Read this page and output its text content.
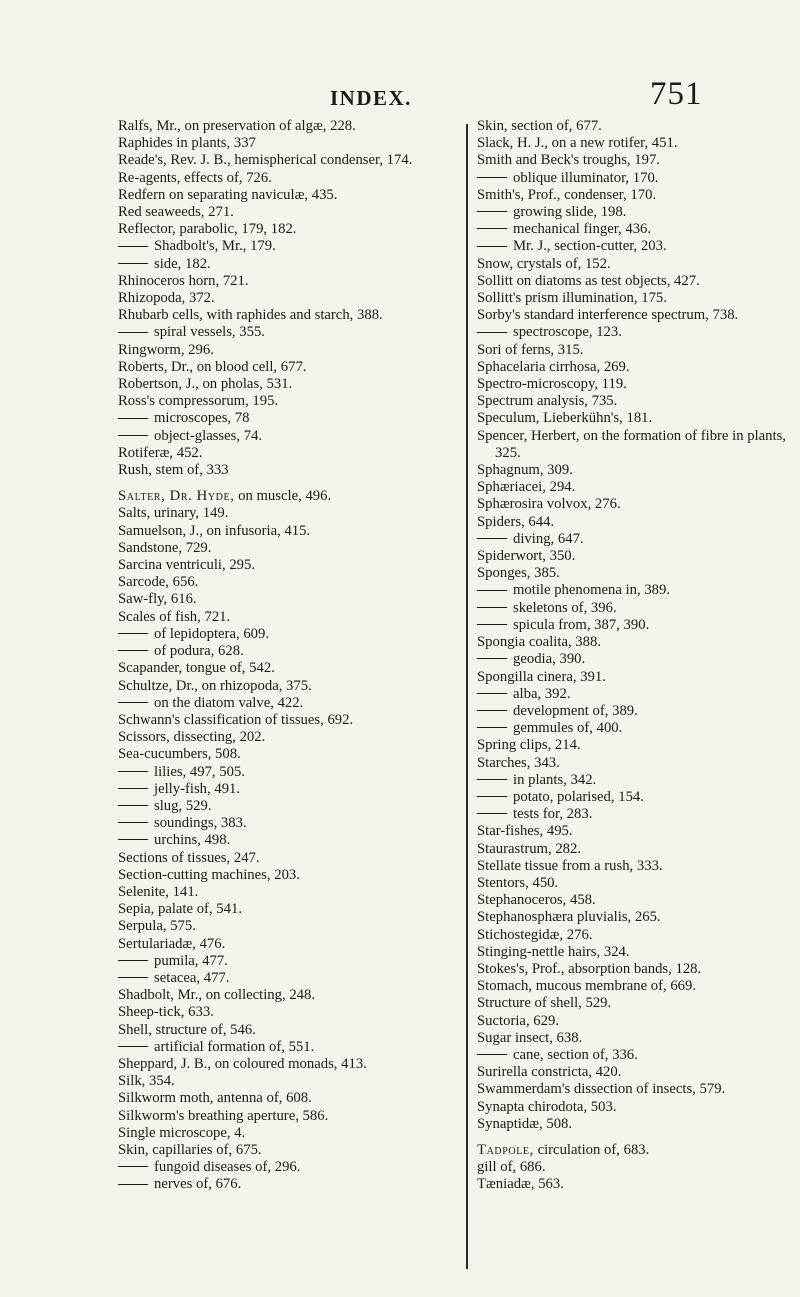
INDEX.	751
Ralfs, Mr., on preservation of algæ, 228.
Raphides in plants, 337
Reade's, Rev. J. B., hemispherical condenser, 174.
Re-agents, effects of, 726.
Redfern on separating naviculæ, 435.
Red seaweeds, 271.
Reflector, parabolic, 179, 182.
Shadbolt's, Mr., 179.
side, 182.
Rhinoceros horn, 721.
Rhizopoda, 372.
Rhubarb cells, with raphides and starch, 388.
spiral vessels, 355.
Ringworm, 296.
Roberts, Dr., on blood cell, 677.
Robertson, J., on pholas, 531.
Ross's compressorum, 195.
microscopes, 78
object-glasses, 74.
Rotiferæ, 452.
Rush, stem of, 333
Salter, Dr. Hyde, on muscle, 496.
Salts, urinary, 149.
Samuelson, J., on infusoria, 415.
Sandstone, 729.
Sarcina ventriculi, 295.
Sarcode, 656.
Saw-fly, 616.
Scales of fish, 721.
of lepidoptera, 609.
of podura, 628.
Scapander, tongue of, 542.
Schultze, Dr., on rhizopoda, 375.
on the diatom valve, 422.
Schwann's classification of tissues, 692.
Scissors, dissecting, 202.
Sea-cucumbers, 508.
lilies, 497, 505.
jelly-fish, 491.
slug, 529.
soundings, 383.
urchins, 498.
Sections of tissues, 247.
Section-cutting machines, 203.
Selenite, 141.
Sepia, palate of, 541.
Serpula, 575.
Sertulariadæ, 476.
pumila, 477.
setacea, 477.
Shadbolt, Mr., on collecting, 248.
Sheep-tick, 633.
Shell, structure of, 546.
artificial formation of, 551.
Sheppard, J. B., on coloured monads, 413.
Silk, 354.
Silkworm moth, antenna of, 608.
Silkworm's breathing aperture, 586.
Single microscope, 4.
Skin, capillaries of, 675.
fungoid diseases of, 296.
nerves of, 676.
Skin, section of, 677.
Slack, H. J., on a new rotifer, 451.
Smith and Beck's troughs, 197.
oblique illuminator, 170.
Smith's, Prof., condenser, 170.
growing slide, 198.
mechanical finger, 436.
Mr. J., section-cutter, 203.
Snow, crystals of, 152.
Sollitt on diatoms as test objects, 427.
Sollitt's prism illumination, 175.
Sorby's standard interference spectrum, 738.
spectroscope, 123.
Sori of ferns, 315.
Sphacelaria cirrhosa, 269.
Spectro-microscopy, 119.
Spectrum analysis, 735.
Speculum, Lieberkühn's, 181.
Spencer, Herbert, on the formation of fibre in plants, 325.
Sphagnum, 309.
Sphæriacei, 294.
Sphærosira volvox, 276.
Spiders, 644.
diving, 647.
Spiderwort, 350.
Sponges, 385.
motile phenomena in, 389.
skeletons of, 396.
spicula from, 387, 390.
Spongia coalita, 388.
geodia, 390.
Spongilla cinera, 391.
alba, 392.
development of, 389.
gemmules of, 400.
Spring clips, 214.
Starches, 343.
in plants, 342.
potato, polarised, 154.
tests for, 283.
Star-fishes, 495.
Staurastrum, 282.
Stellate tissue from a rush, 333.
Stentors, 450.
Stephanoceros, 458.
Stephanosphæra pluvialis, 265.
Stichostegidæ, 276.
Stinging-nettle hairs, 324.
Stokes's, Prof., absorption bands, 128.
Stomach, mucous membrane of, 669.
Structure of shell, 529.
Suctoria, 629.
Sugar insect, 638.
cane, section of, 336.
Surirella constricta, 420.
Swammerdam's dissection of insects, 579.
Synapta chirodota, 503.
Synaptidæ, 508.
Tadpole, circulation of, 683.
gill of, 686.
Tæniadæ, 563.
